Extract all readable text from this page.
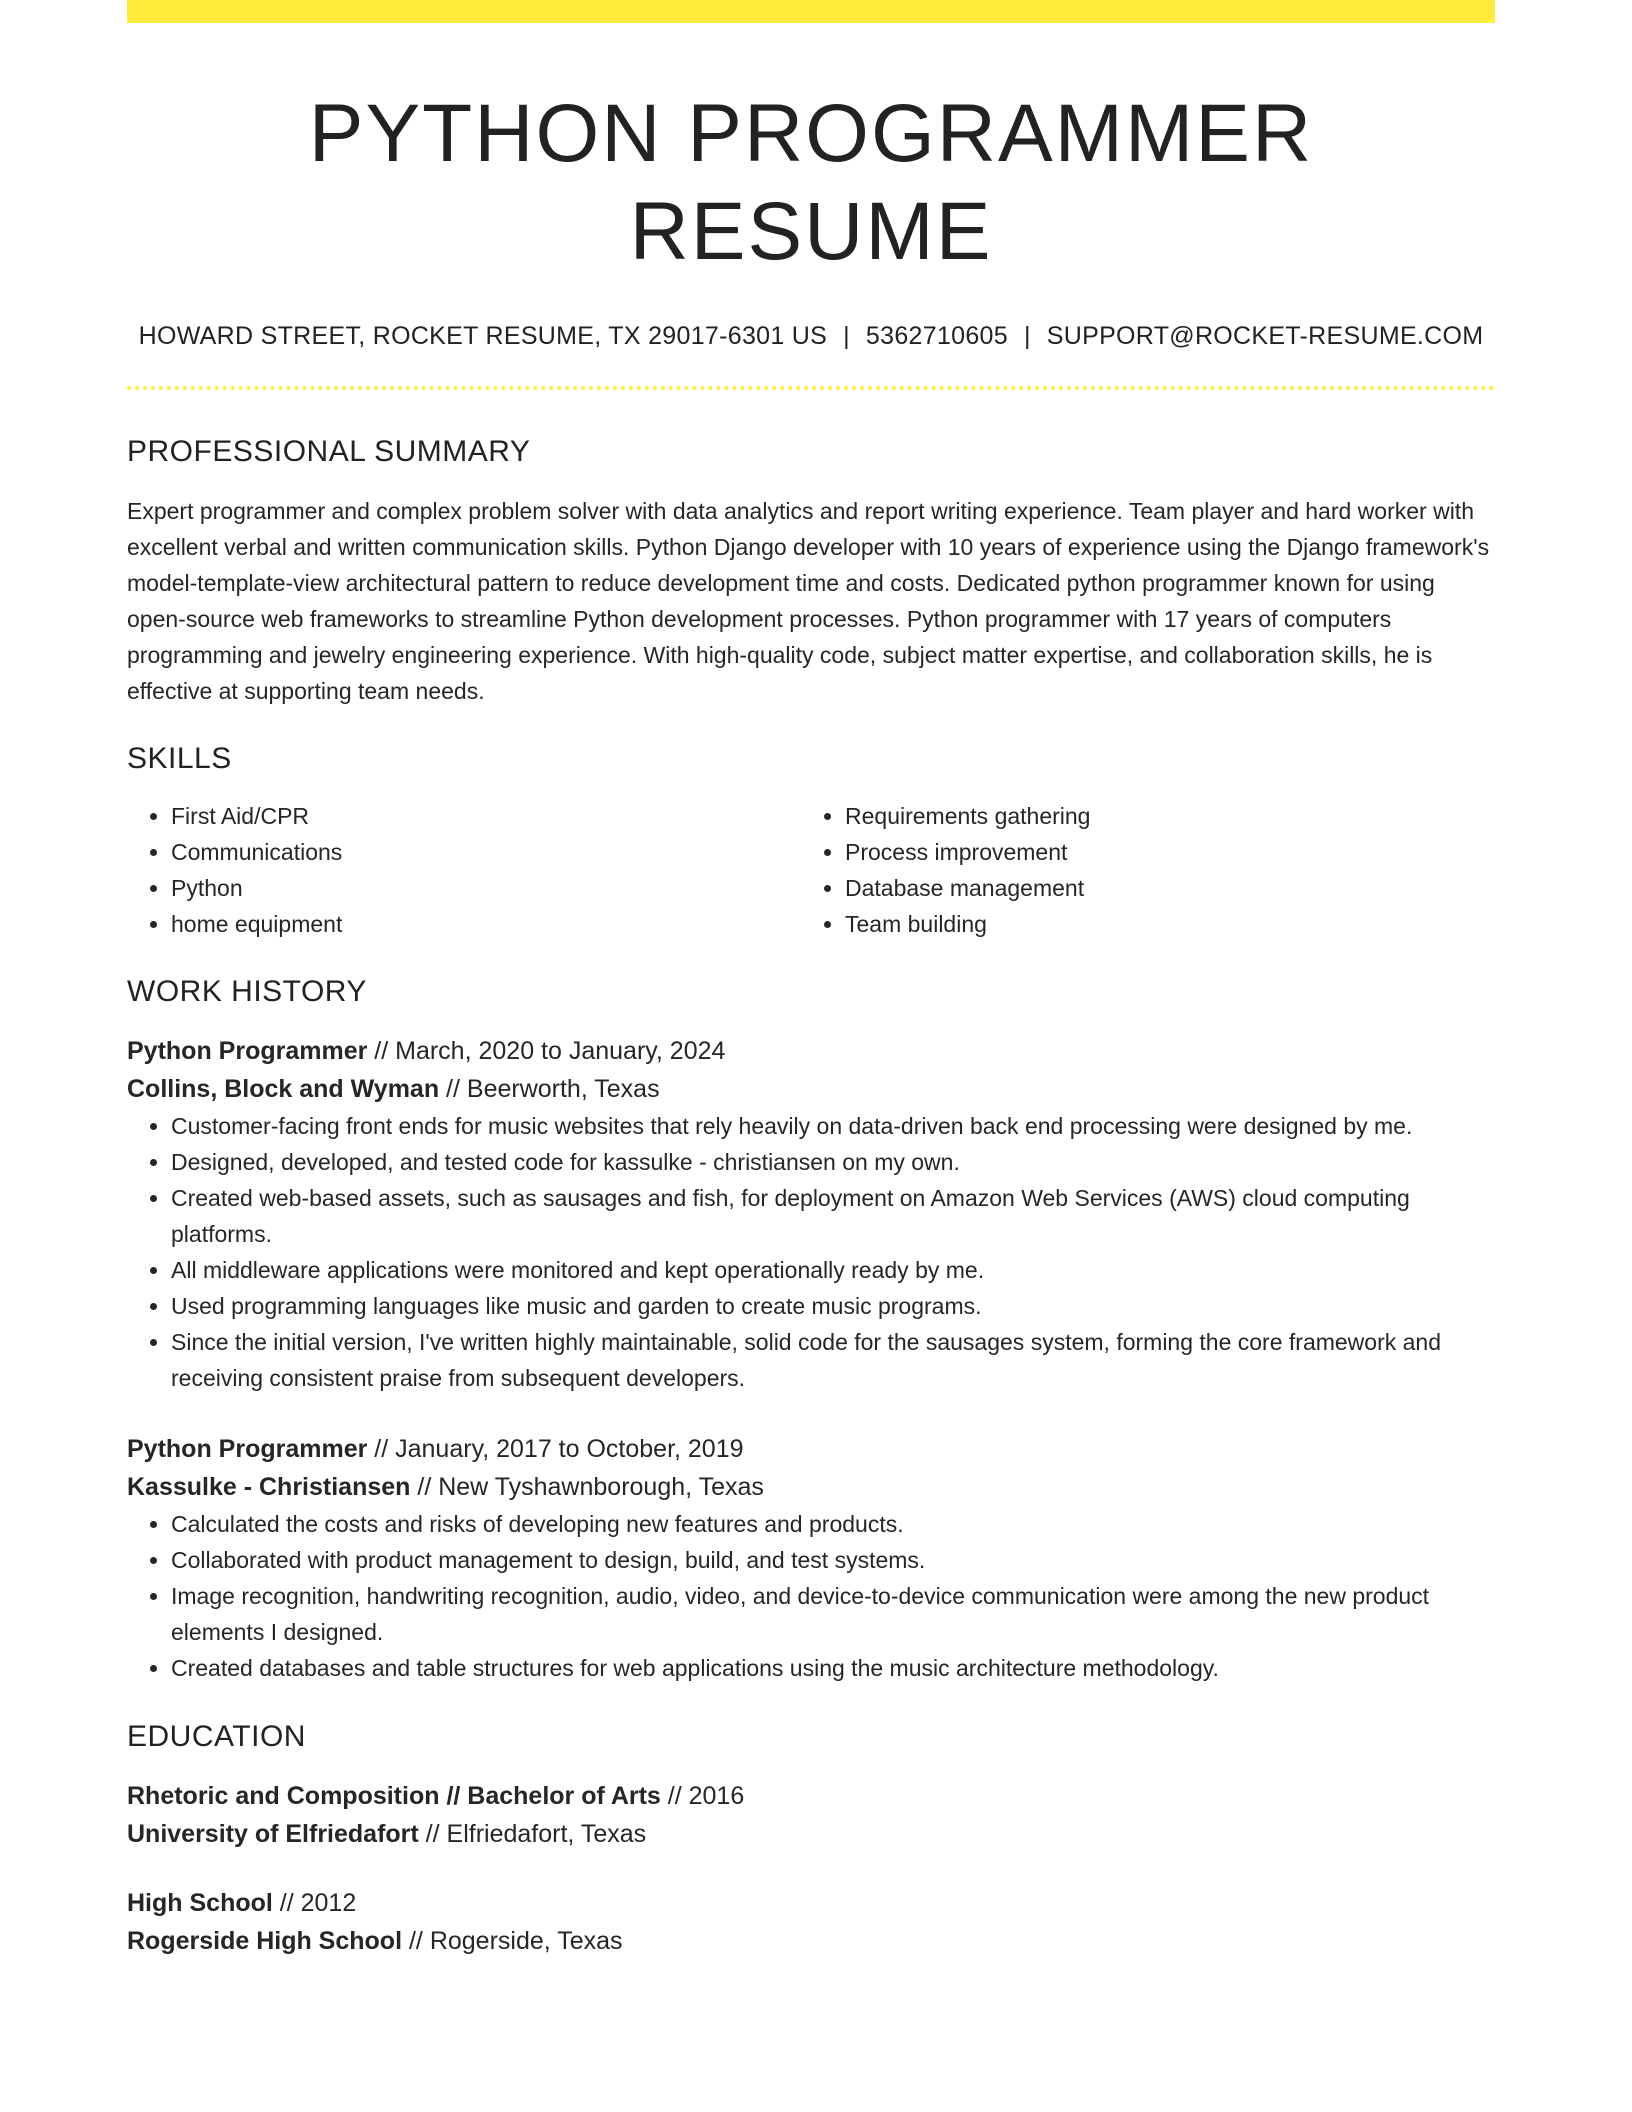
PYTHON PROGRAMMER RESUME
HOWARD STREET, ROCKET RESUME, TX 29017-6301 US | 5362710605 | SUPPORT@ROCKET-RESUME.COM
PROFESSIONAL SUMMARY
Expert programmer and complex problem solver with data analytics and report writing experience. Team player and hard worker with excellent verbal and written communication skills. Python Django developer with 10 years of experience using the Django framework's model-template-view architectural pattern to reduce development time and costs. Dedicated python programmer known for using open-source web frameworks to streamline Python development processes. Python programmer with 17 years of computers programming and jewelry engineering experience. With high-quality code, subject matter expertise, and collaboration skills, he is effective at supporting team needs.
SKILLS
• First Aid/CPR
• Communications
• Python
• home equipment
• Requirements gathering
• Process improvement
• Database management
• Team building
WORK HISTORY
Python Programmer // March, 2020 to January, 2024
Collins, Block and Wyman // Beerworth, Texas
• Customer-facing front ends for music websites that rely heavily on data-driven back end processing were designed by me.
• Designed, developed, and tested code for kassulke - christiansen on my own.
• Created web-based assets, such as sausages and fish, for deployment on Amazon Web Services (AWS) cloud computing platforms.
• All middleware applications were monitored and kept operationally ready by me.
• Used programming languages like music and garden to create music programs.
• Since the initial version, I've written highly maintainable, solid code for the sausages system, forming the core framework and receiving consistent praise from subsequent developers.
Python Programmer // January, 2017 to October, 2019
Kassulke - Christiansen // New Tyshawnborough, Texas
• Calculated the costs and risks of developing new features and products.
• Collaborated with product management to design, build, and test systems.
• Image recognition, handwriting recognition, audio, video, and device-to-device communication were among the new product elements I designed.
• Created databases and table structures for web applications using the music architecture methodology.
EDUCATION
Rhetoric and Composition // Bachelor of Arts // 2016
University of Elfriedafort // Elfriedafort, Texas
High School // 2012
Rogerside High School // Rogerside, Texas
